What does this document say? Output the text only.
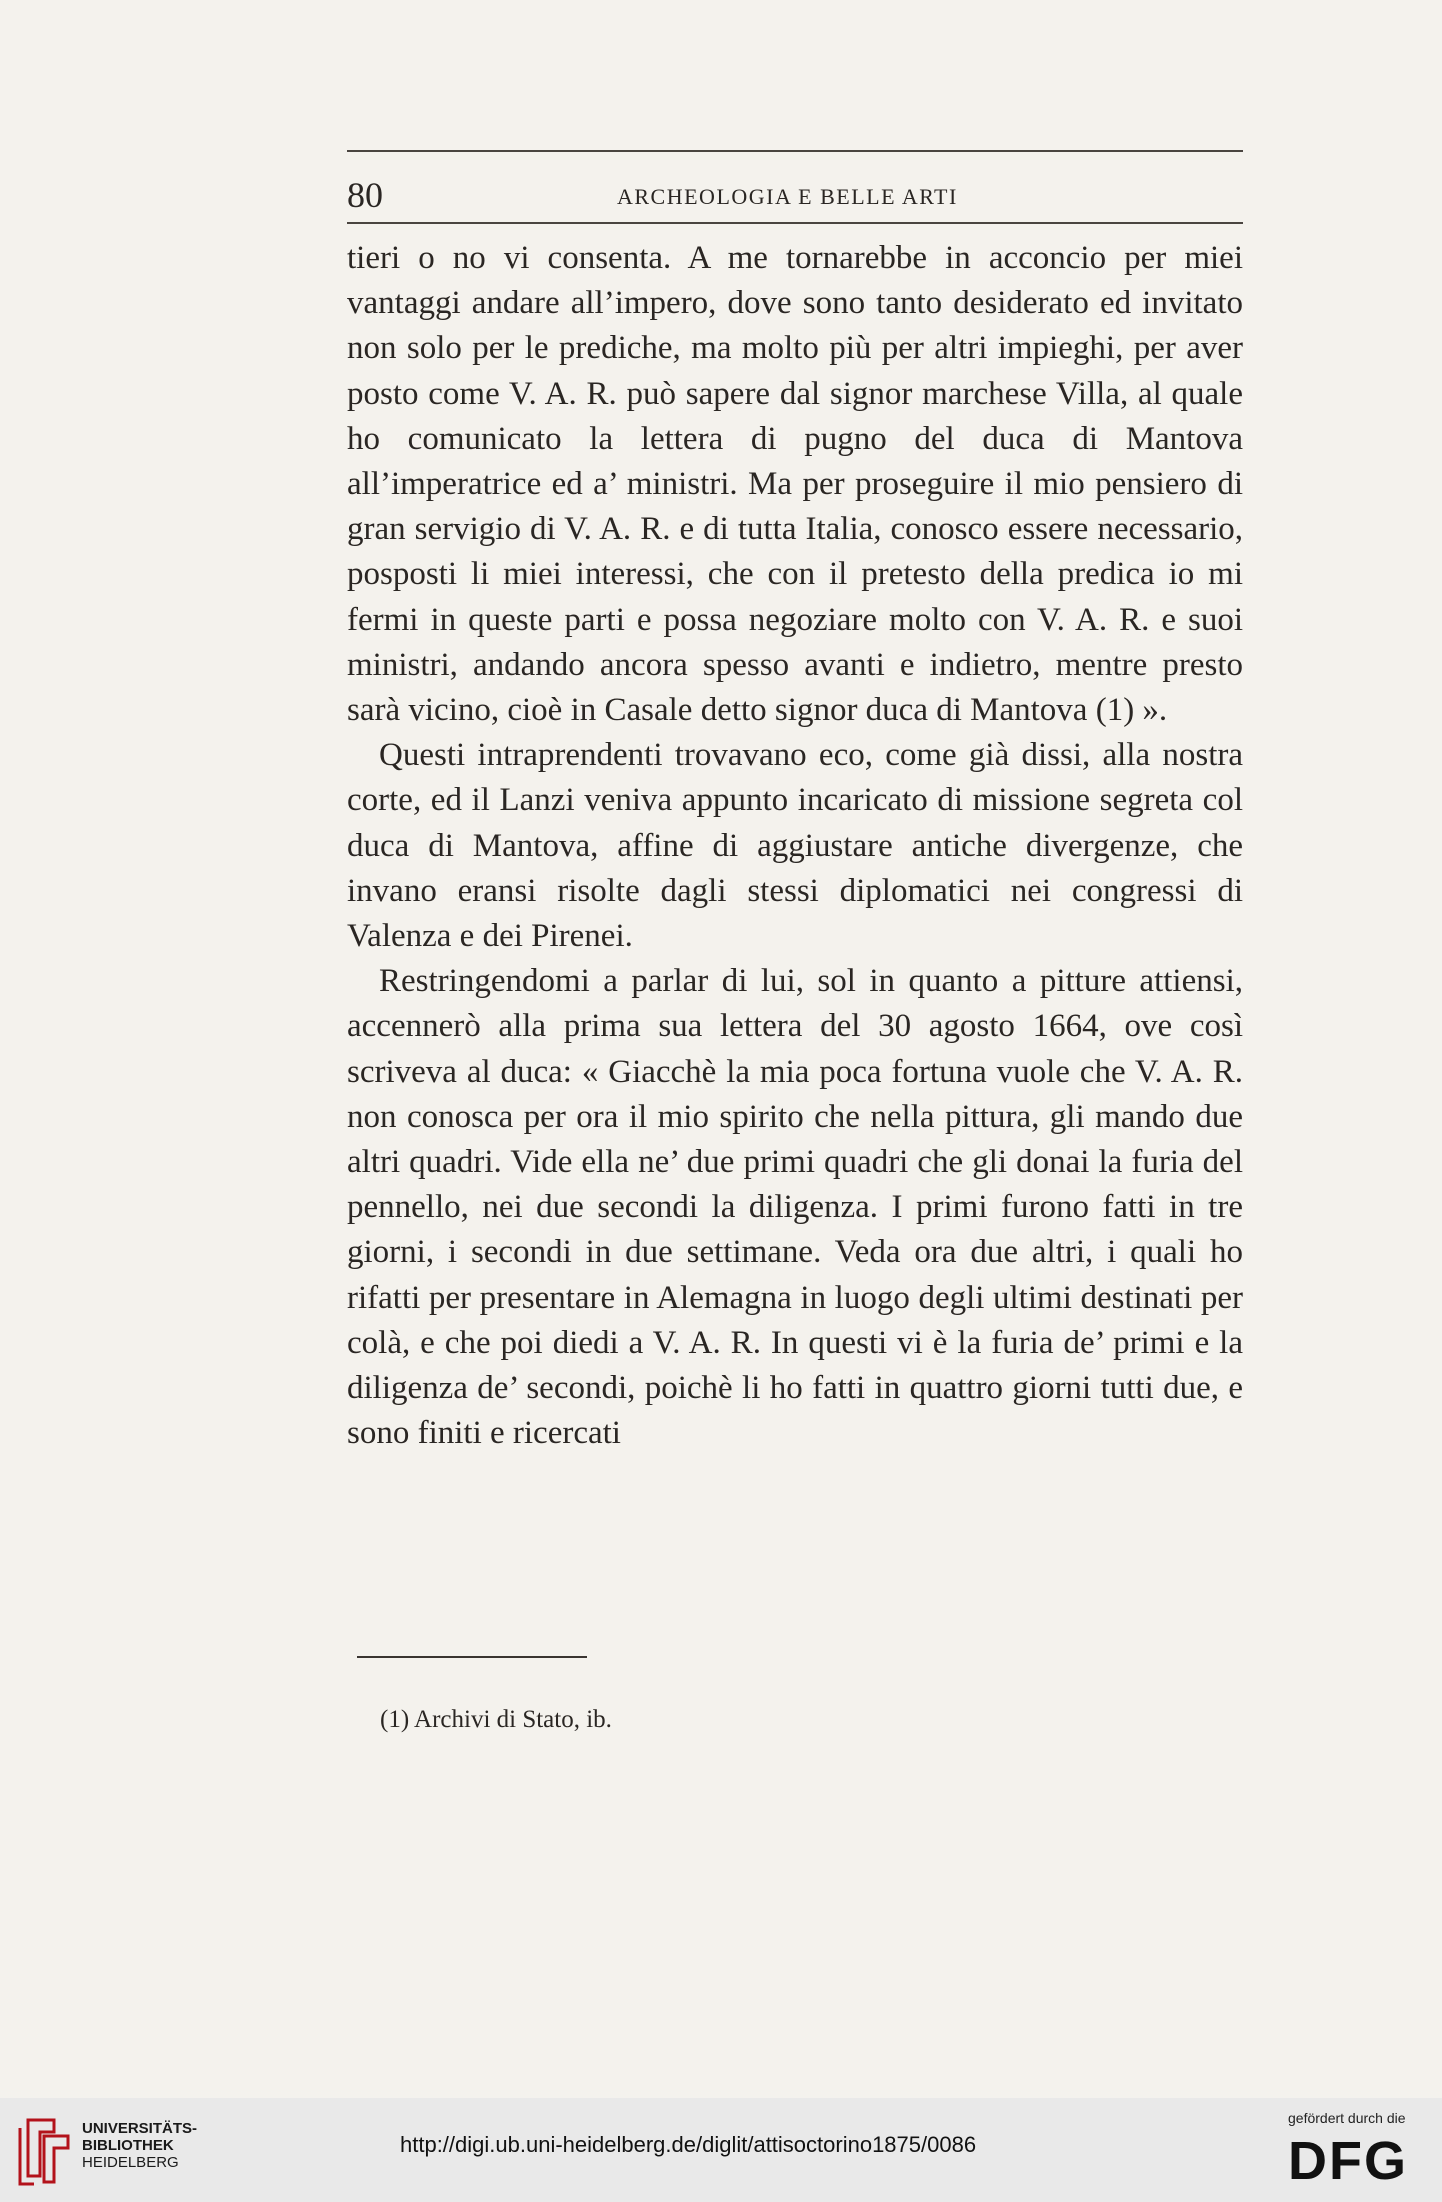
80	ARCHEOLOGIA E BELLE ARTI

tieri o no vi consenta. A me tornarebbe in acconcio per miei vantaggi andare all’impero, dove sono tanto desiderato ed invitato non solo per le prediche, ma molto più per altri impieghi, per aver posto come V. A. R. può sapere dal signor marchese Villa, al quale ho comunicato la lettera di pugno del duca di Mantova all’imperatrice ed a’ ministri. Ma per proseguire il mio pensiero di gran servigio di V. A. R. e di tutta Italia, conosco essere necessario, posposti li miei interessi, che con il pretesto della predica io mi fermi in queste parti e possa negoziare molto con V. A. R. e suoi ministri, andando ancora spesso avanti e indietro, mentre presto sarà vicino, cioè in Casale detto signor duca di Mantova (1) ».

Questi intraprendenti trovavano eco, come già dissi, alla nostra corte, ed il Lanzi veniva appunto incaricato di missione segreta col duca di Mantova, affine di aggiustare antiche divergenze, che invano eransi risolte dagli stessi diplomatici nei congressi di Valenza e dei Pirenei.

Restringendomi a parlar di lui, sol in quanto a pitture attiensi, accennerò alla prima sua lettera del 30 agosto 1664, ove così scriveva al duca: « Giacchè la mia poca fortuna vuole che V. A. R. non conosca per ora il mio spirito che nella pittura, gli mando due altri quadri. Vide ella ne’ due primi quadri che gli donai la furia del pennello, nei due secondi la diligenza. I primi furono fatti in tre giorni, i secondi in due settimane. Veda ora due altri, i quali ho rifatti per presentare in Alemagna in luogo degli ultimi destinati per colà, e che poi diedi a V. A. R. In questi vi è la furia de’ primi e la diligenza de’ secondi, poichè li ho fatti in quattro giorni tutti due, e sono finiti e ricercati

(1) Archivi di Stato, ib.
UNIVERSITÄTS-
BIBLIOTHEK
HEIDELBERG
http://digi.ub.uni-heidelberg.de/diglit/attisoctorino1875/0086
gefördert durch die
DFG
